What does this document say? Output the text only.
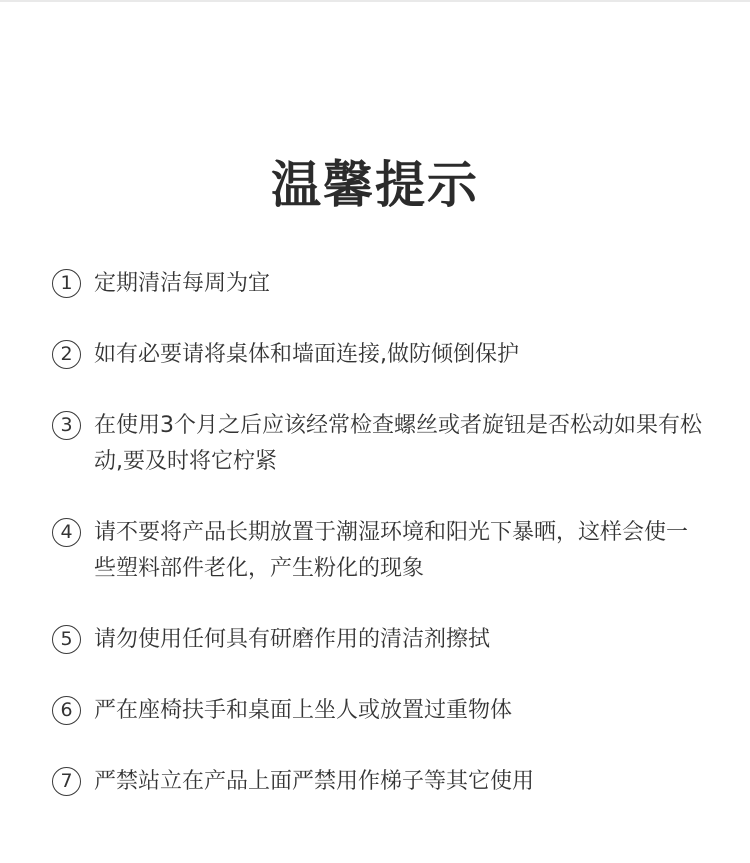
温馨提示
1 定期清洁每周为宜
2 如有必要请将桌体和墙面连接,做防倾倒保护
3 在使用3个月之后应该经常检查螺丝或者旋钮是否松动如果有松动,要及时将它柠紧
4 请不要将产品长期放置于潮湿环境和阳光下暴晒，这样会使一些塑料部件老化，产生粉化的现象
5 请勿使用任何具有研磨作用的清洁剂擦拭
6 严在座椅扶手和桌面上坐人或放置过重物体
7 严禁站立在产品上面严禁用作梯子等其它使用
